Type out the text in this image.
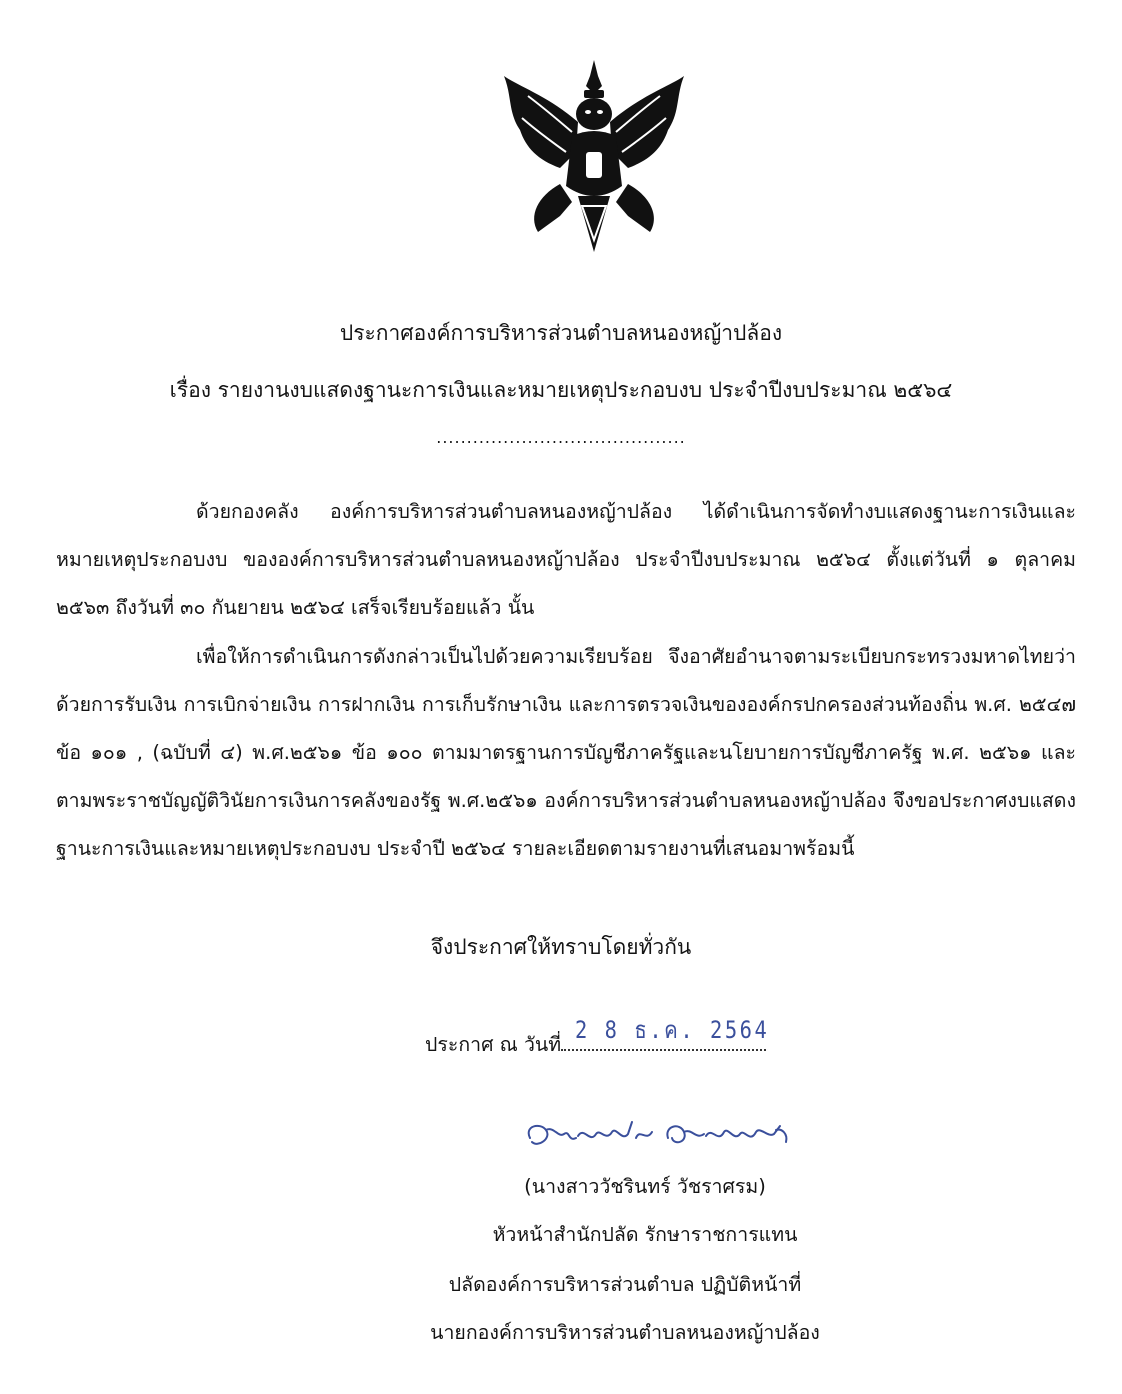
ประกาศองค์การบริหารส่วนตำบลหนองหญ้าปล้อง
เรื่อง รายงานงบแสดงฐานะการเงินและหมายเหตุประกอบงบ ประจำปีงบประมาณ ๒๕๖๔
.........................................
ด้วยกองคลัง องค์การบริหารส่วนตำบลหนองหญ้าปล้อง ได้ดำเนินการจัดทำงบแสดงฐานะการเงินและหมายเหตุประกอบงบ ขององค์การบริหารส่วนตำบลหนองหญ้าปล้อง ประจำปีงบประมาณ ๒๕๖๔ ตั้งแต่วันที่ ๑ ตุลาคม ๒๕๖๓ ถึงวันที่ ๓๐ กันยายน ๒๕๖๔ เสร็จเรียบร้อยแล้ว นั้น
เพื่อให้การดำเนินการดังกล่าวเป็นไปด้วยความเรียบร้อย จึงอาศัยอำนาจตามระเบียบกระทรวงมหาดไทยว่าด้วยการรับเงิน การเบิกจ่ายเงิน การฝากเงิน การเก็บรักษาเงิน และการตรวจเงินขององค์กรปกครองส่วนท้องถิ่น พ.ศ. ๒๕๔๗ ข้อ ๑๐๑ , (ฉบับที่ ๔) พ.ศ.๒๕๖๑ ข้อ ๑๐๐ ตามมาตรฐานการบัญชีภาครัฐและนโยบายการบัญชีภาครัฐ พ.ศ. ๒๕๖๑ และตามพระราชบัญญัติวินัยการเงินการคลังของรัฐ พ.ศ.๒๕๖๑ องค์การบริหารส่วนตำบลหนองหญ้าปล้อง จึงขอประกาศงบแสดงฐานะการเงินและหมายเหตุประกอบงบ ประจำปี ๒๕๖๔ รายละเอียดตามรายงานที่เสนอมาพร้อมนี้
จึงประกาศให้ทราบโดยทั่วกัน
ประกาศ ณ วันที่
2 8 ธ.ค. 2564
(นางสาววัชรินทร์ วัชราศรม)
หัวหน้าสำนักปลัด รักษาราชการแทน
ปลัดองค์การบริหารส่วนตำบล ปฏิบัติหน้าที่
นายกองค์การบริหารส่วนตำบลหนองหญ้าปล้อง
